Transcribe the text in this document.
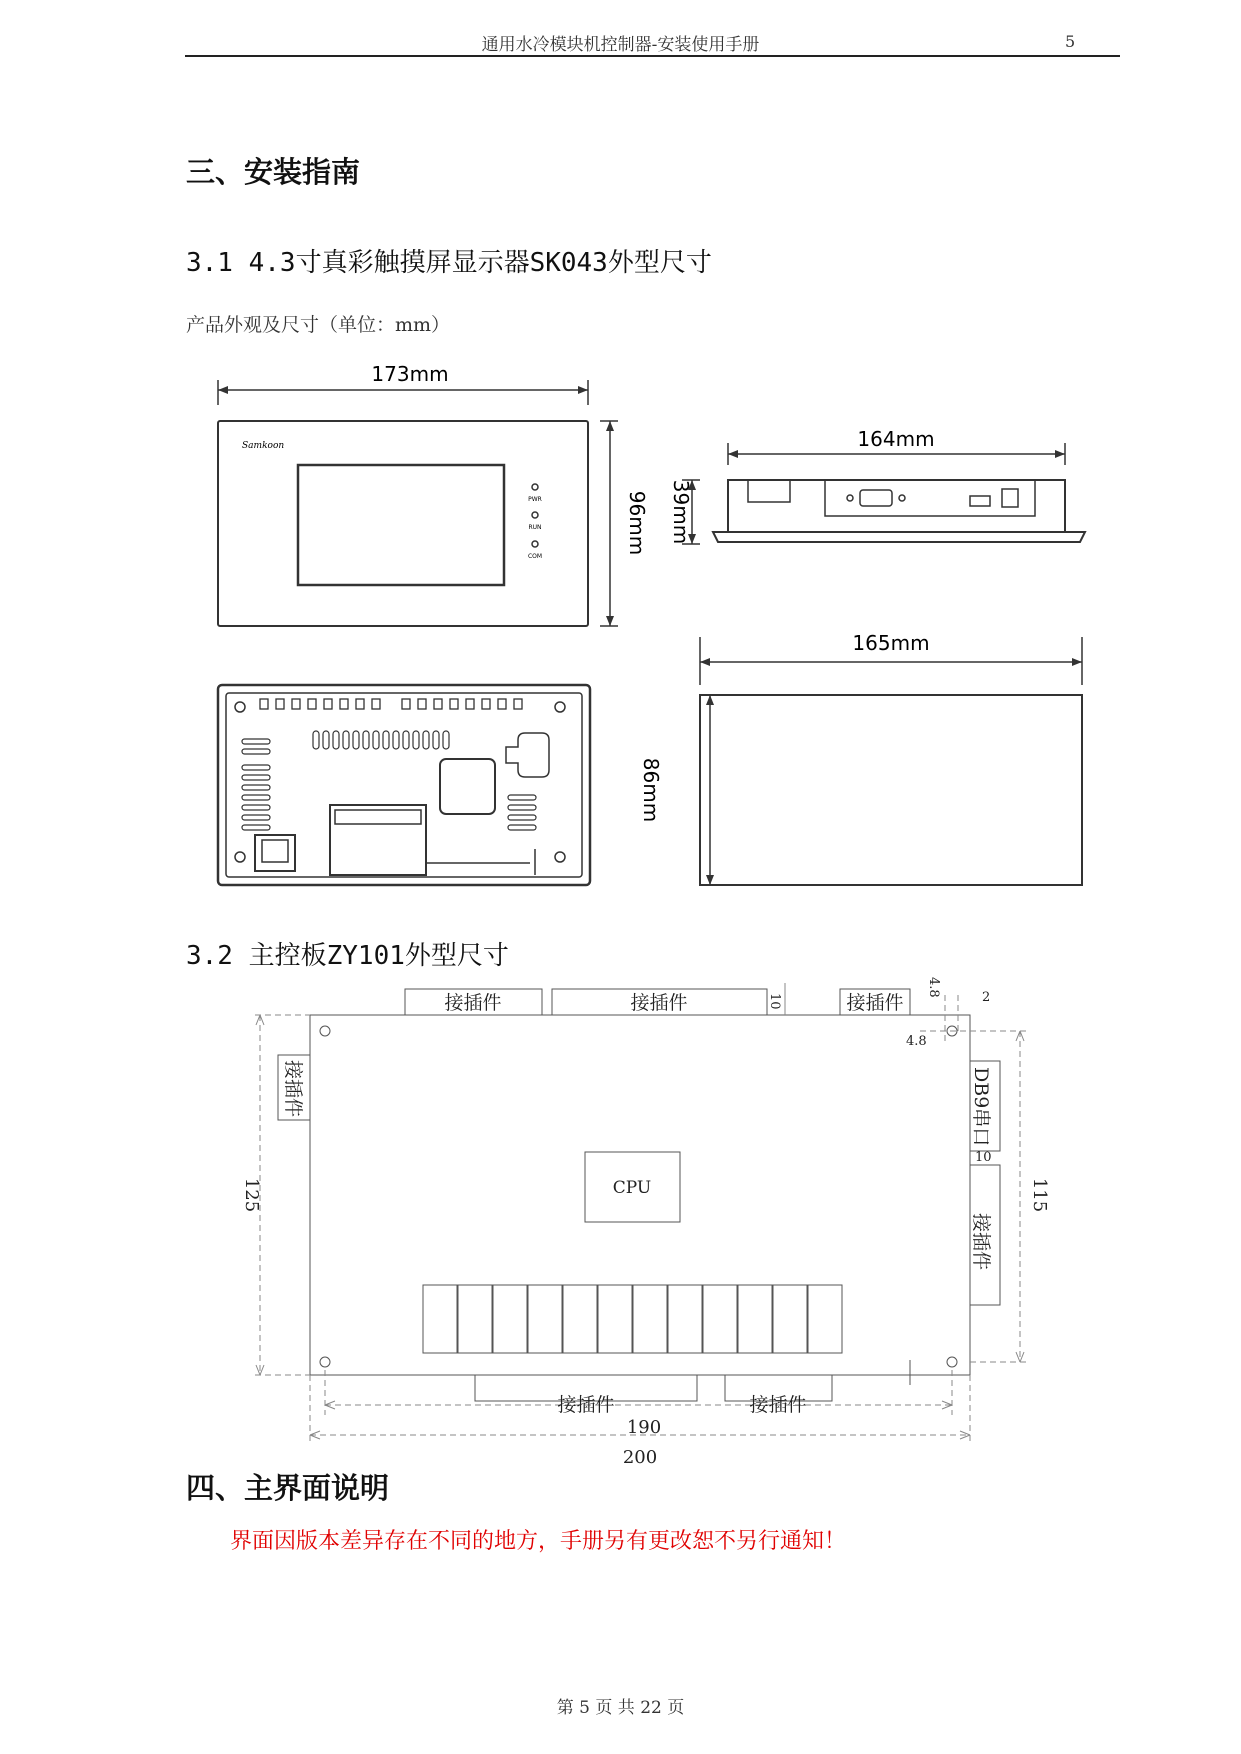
通用水冷模块机控制器-安装使用手册	5
三、安装指南
3.1 4.3寸真彩触摸屏显示器SK043外型尺寸
产品外观及尺寸（单位：mm）
173mm
96mm
164mm
39mm
165mm
86mm
Samkoon
PWR
RUN
COM
3.2 主控板ZY101外型尺寸
接插件	接插件	接插件
接插件	接插件
接插件
接插件
DB9串口
CPU
190
200
125	115
10
10
4.8
4.8
2
四、主界面说明
界面因版本差异存在不同的地方，手册另有更改恕不另行通知！
第 5 页 共 22 页
